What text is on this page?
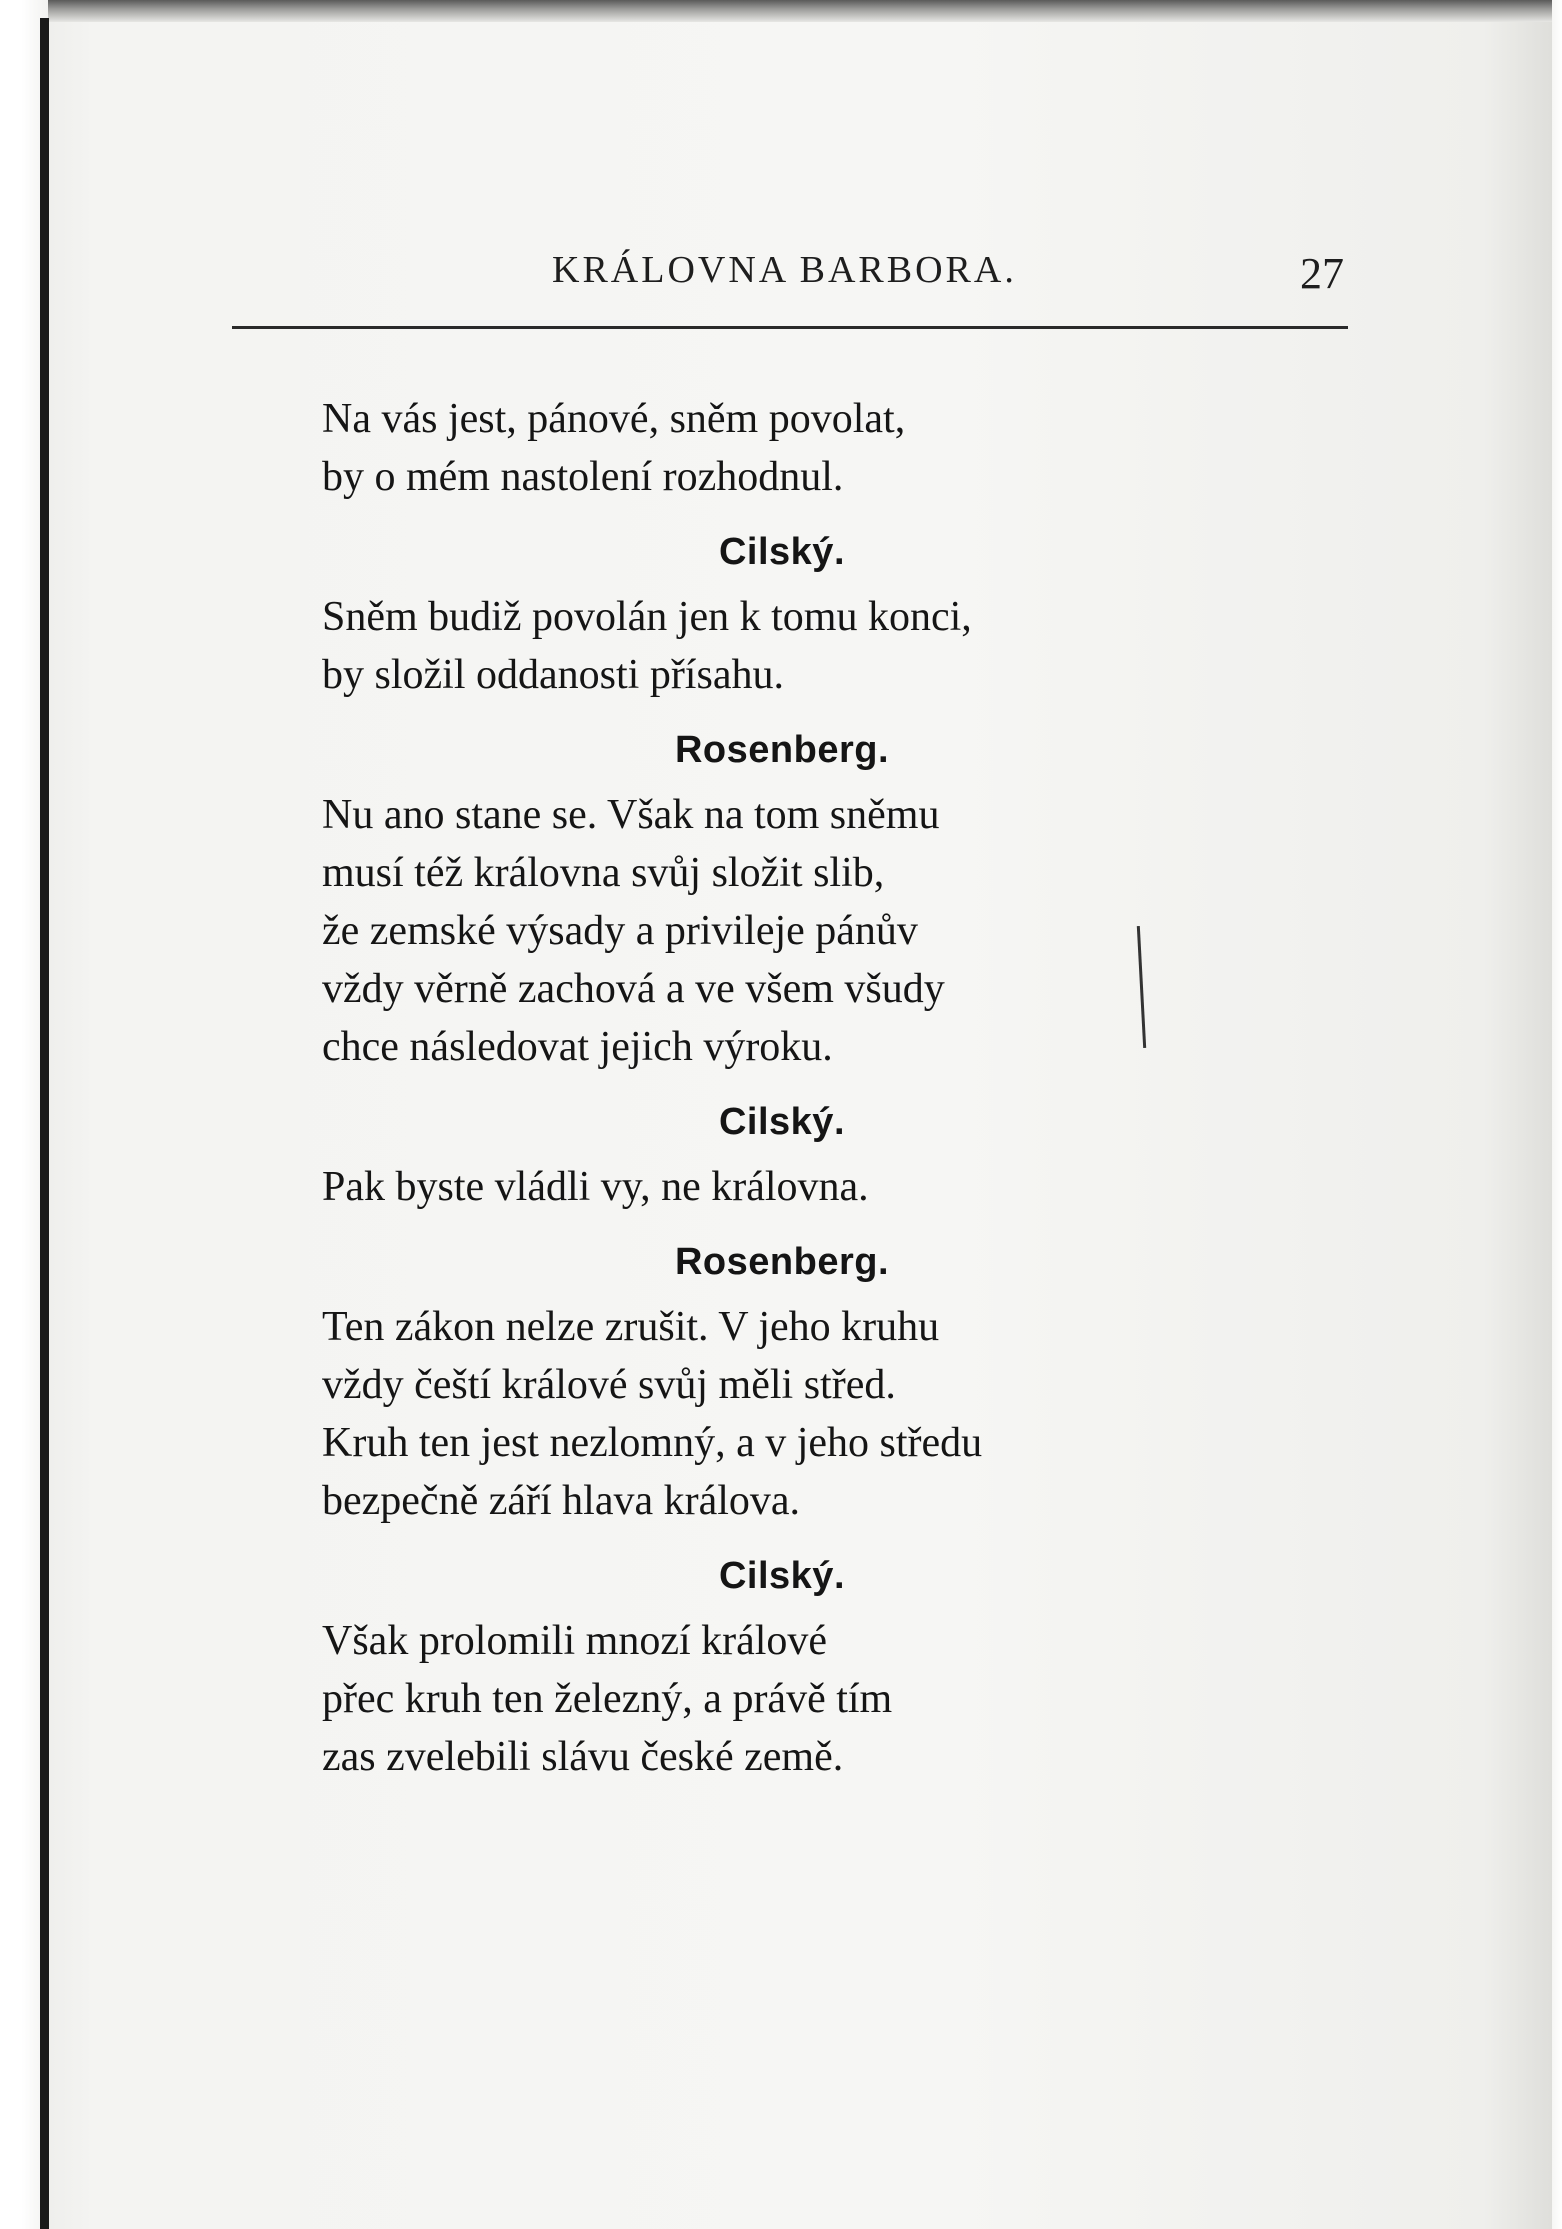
KRÁLOVNA BARBORA.	27

Na vás jest, pánové, sněm povolat,

by o mém nastolení rozhodnul.

Cilský.

Sněm budiž povolán jen k tomu konci,

by složil oddanosti přísahu.

Rosenberg.

Nu ano stane se. Však na tom sněmu

musí též královna svůj složit slib,

že zemské výsady a privileje pánův

vždy věrně zachová a ve všem všudy

chce následovat jejich výroku.

Cilský.

Pak byste vládli vy, ne královna.

Rosenberg.

Ten zákon nelze zrušit. V jeho kruhu

vždy čeští králové svůj měli střed.

Kruh ten jest nezlomný, a v jeho středu

bezpečně září hlava králova.

Cilský.

Však prolomili mnozí králové

přec kruh ten železný, a právě tím

zas zvelebili slávu české země.
